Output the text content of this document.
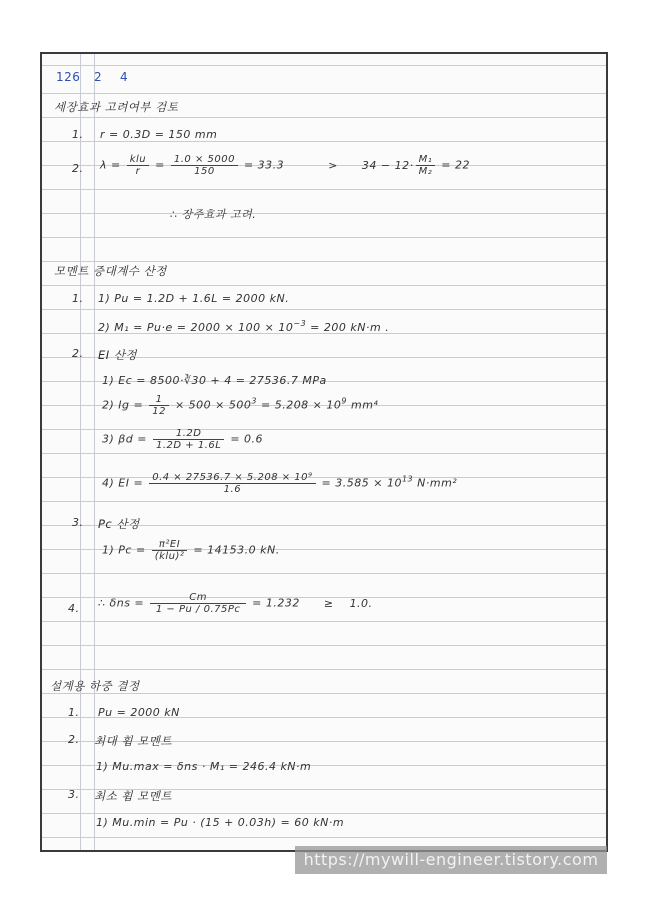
126 2 4
세장효과 고려여부 검토
1. r = 0.3D = 150 mm
2. $\lambda = \frac{\text{klu}}{r} = \frac{1.0 \times 5000}{150} = 33.3$	> $34 - 12\cdot \frac{\text{M₁}}{\text{M₂}} = 22$
∴ 장주효과 고려.
모멘트 증대계수 산정
1. 1) Pu = 1.2D + 1.6L = 2000 kN.
2) $M_1 = Pu\cdot e = 2000 \times 100 \times 10^{-3} = 200$ kN·m .
2. EI 산정
1) Ec = 8500·∛30 + 4 = 27536.7 MPa
2) $Ig = \frac{1}{12} \times 500 \times 500^3 = 5.208 \times 10^9$ mm⁴
3) $\beta d = \frac{1.2D}{1.2D + 1.6L} = 0.6$
4) EI = $\frac{\text{0.4 × 27536.7 × 5.208 × 10⁹}}{1.6} = 3.585 \times 10^{13}$ N·mm²
3. Pc 산정
1) $Pc = \frac{\text{π²EI}}{\text{(klu)²}} = 14153.0$ kN.
4. ∴ $\delta ns = \frac{Cm}{1 - Pu / 0.75Pc} = 1.232 \ge 1.0$.
설계용 하중 결정
1. Pu = 2000 kN
2. 최대 휨 모멘트
1) Mu.max = δns · M₁ = 246.4 kN·m
3. 최소 휨 모멘트
1) Mu.min = Pu · (15 + 0.03h) = 60 kN·m
https://mywill-engineer.tistory.com
